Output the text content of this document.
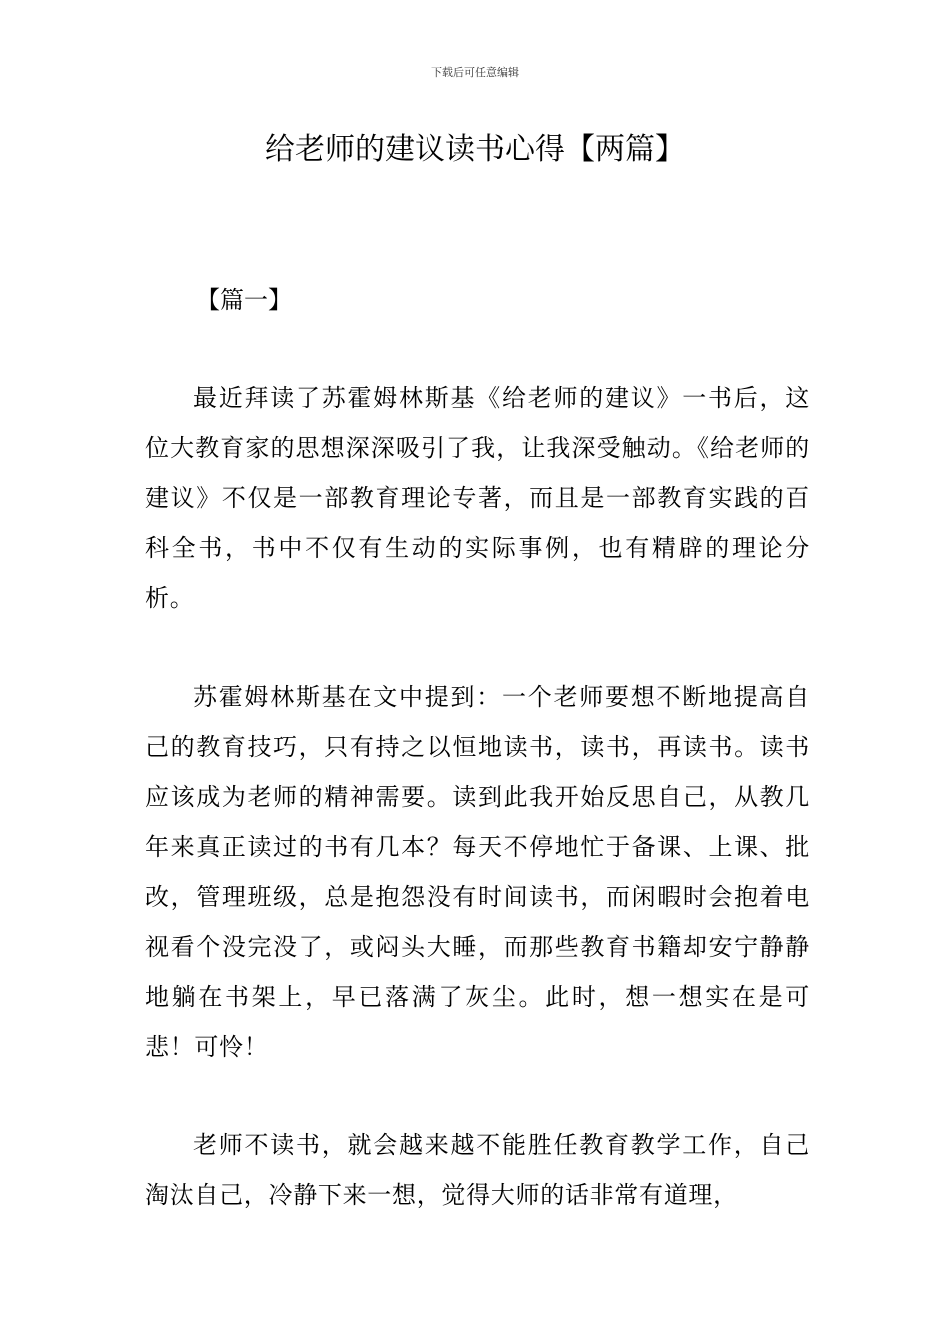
下载后可任意编辑
给老师的建议读书心得【两篇】

【篇一】

最近拜读了苏霍姆林斯基《给老师的建议》一书后，这位大教育家的思想深深吸引了我，让我深受触动。《给老师的建议》不仅是一部教育理论专著，而且是一部教育实践的百科全书，书中不仅有生动的实际事例，也有精辟的理论分析。

苏霍姆林斯基在文中提到：一个老师要想不断地提高自己的教育技巧，只有持之以恒地读书，读书，再读书。读书应该成为老师的精神需要。读到此我开始反思自己，从教几年来真正读过的书有几本？每天不停地忙于备课、上课、批改，管理班级，总是抱怨没有时间读书，而闲暇时会抱着电视看个没完没了，或闷头大睡，而那些教育书籍却安宁静静地躺在书架上，早已落满了灰尘。此时，想一想实在是可悲！可怜！

老师不读书，就会越来越不能胜任教育教学工作，自己淘汰自己，冷静下来一想，觉得大师的话非常有道理，
